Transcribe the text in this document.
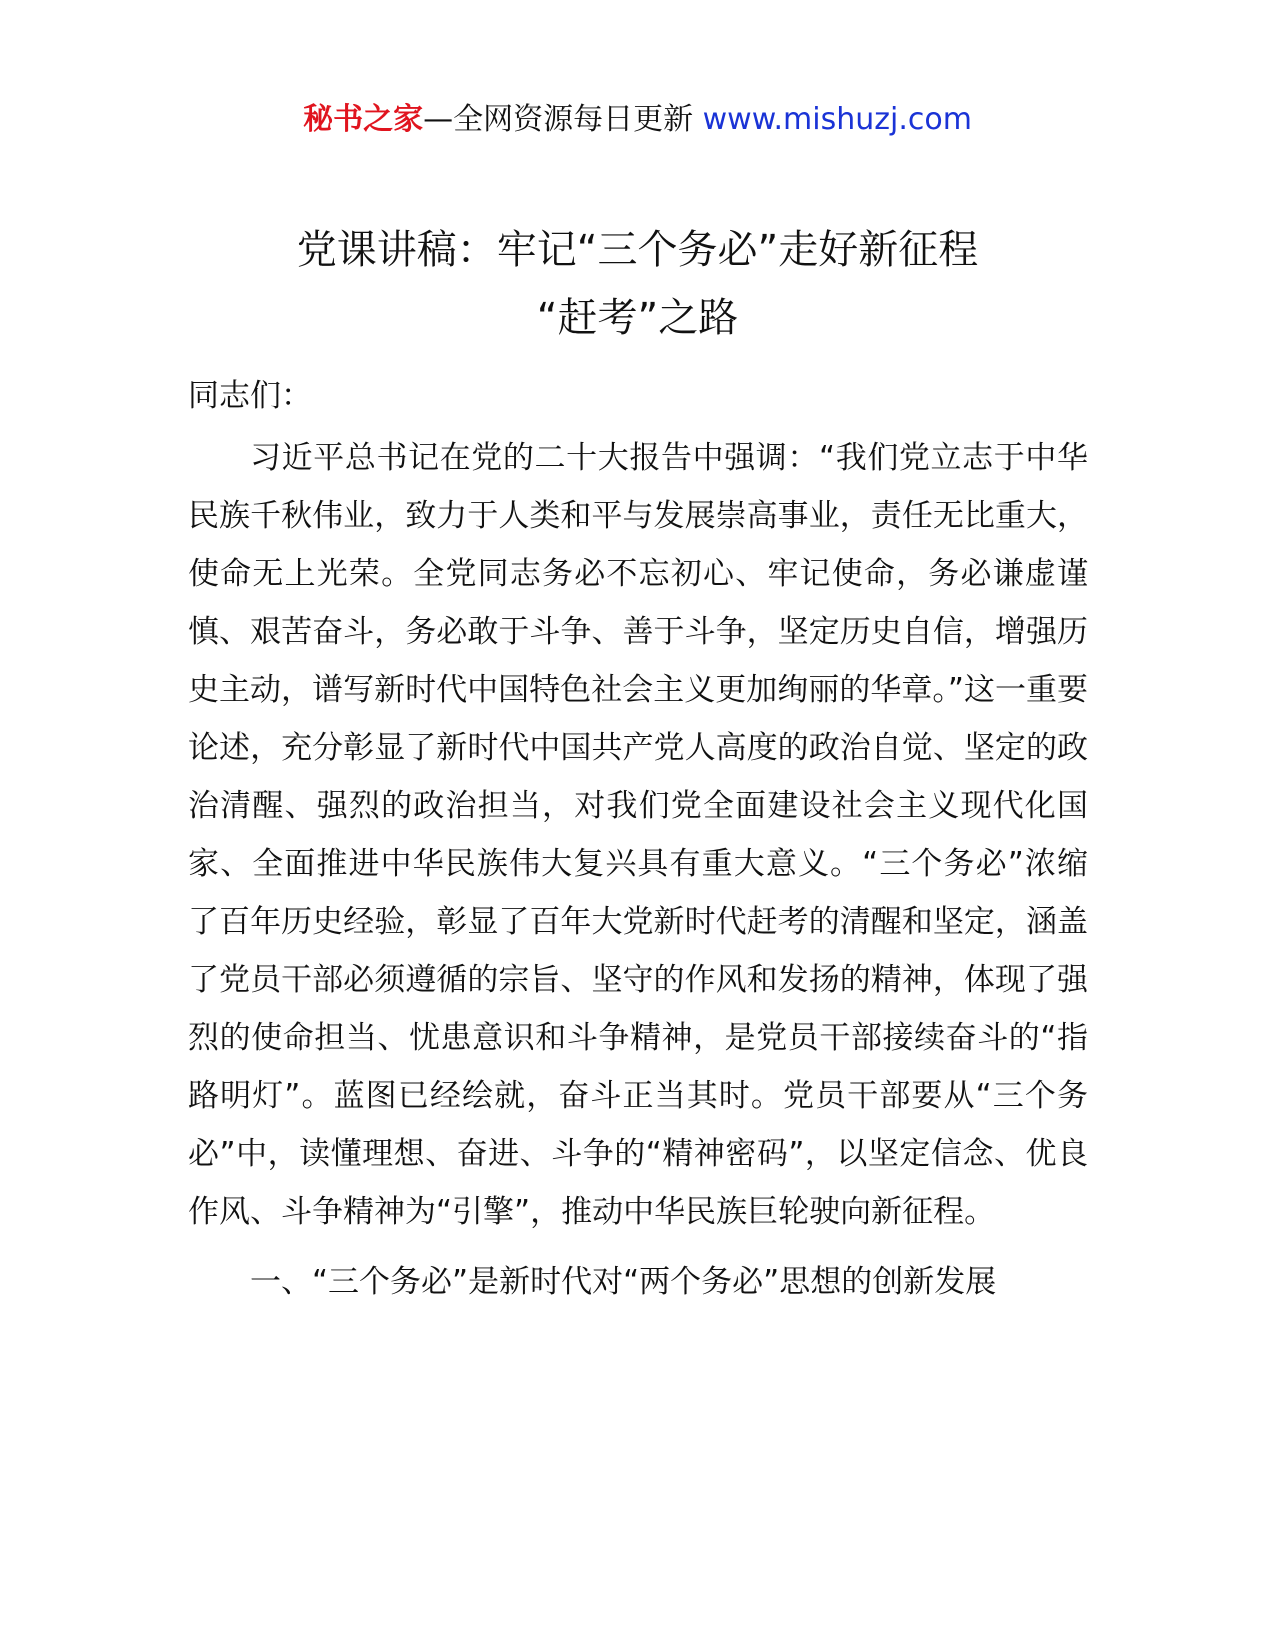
秘书之家—全网资源每日更新 www.mishuzj.com
党课讲稿：牢记“三个务必”走好新征程
“赶考”之路

同志们：

习近平总书记在党的二十大报告中强调：“我们党立志于中华民族千秋伟业，致力于人类和平与发展崇高事业，责任无比重大，使命无上光荣。全党同志务必不忘初心、牢记使命，务必谦虚谨慎、艰苦奋斗，务必敢于斗争、善于斗争，坚定历史自信，增强历史主动，谱写新时代中国特色社会主义更加绚丽的华章。”这一重要论述，充分彰显了新时代中国共产党人高度的政治自觉、坚定的政治清醒、强烈的政治担当，对我们党全面建设社会主义现代化国家、全面推进中华民族伟大复兴具有重大意义。“三个务必”浓缩了百年历史经验，彰显了百年大党新时代赶考的清醒和坚定，涵盖了党员干部必须遵循的宗旨、坚守的作风和发扬的精神，体现了强烈的使命担当、忧患意识和斗争精神，是党员干部接续奋斗的“指路明灯”。蓝图已经绘就，奋斗正当其时。党员干部要从“三个务必”中，读懂理想、奋进、斗争的“精神密码”，以坚定信念、优良作风、斗争精神为“引擎”，推动中华民族巨轮驶向新征程。

一、“三个务必”是新时代对“两个务必”思想的创新发展
